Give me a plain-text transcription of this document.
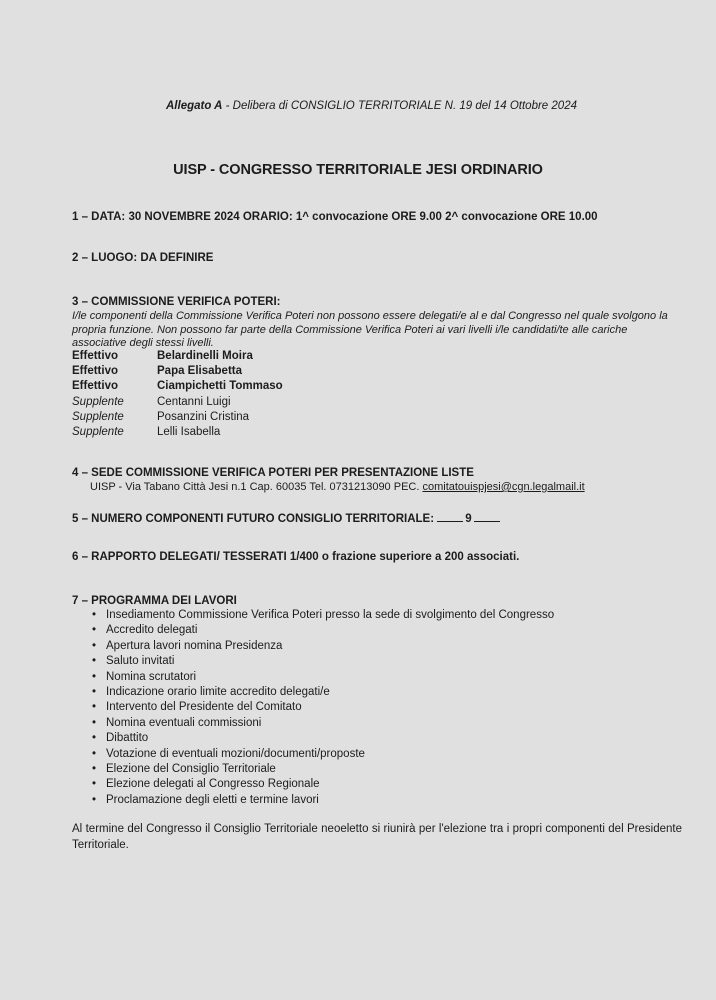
Allegato A - Delibera di CONSIGLIO TERRITORIALE N. 19 del 14 Ottobre 2024
UISP - CONGRESSO TERRITORIALE JESI ORDINARIO
1 – DATA: 30 NOVEMBRE 2024 ORARIO: 1^ convocazione ORE 9.00 2^ convocazione ORE 10.00
2 – LUOGO: DA DEFINIRE
3 – COMMISSIONE VERIFICA POTERI:
I/le componenti della Commissione Verifica Poteri non possono essere delegati/e al e dal Congresso nel quale svolgono la propria funzione. Non possono far parte della Commissione Verifica Poteri ai vari livelli i/le candidati/te alle cariche associative degli stessi livelli.
Effettivo	Belardinelli Moira
Effettivo	Papa Elisabetta
Effettivo	Ciampichetti Tommaso
Supplente	Centanni Luigi
Supplente	Posanzini Cristina
Supplente	Lelli Isabella
4 – SEDE COMMISSIONE VERIFICA POTERI PER PRESENTAZIONE LISTE
UISP - Via Tabano Città Jesi n.1 Cap. 60035 Tel. 0731213090 PEC. comitatouispjesi@cgn.legalmail.it
5 – NUMERO COMPONENTI FUTURO CONSIGLIO TERRITORIALE: 9
6 – RAPPORTO DELEGATI/ TESSERATI 1/400 o frazione superiore a 200 associati.
7 – PROGRAMMA DEI LAVORI
• Insediamento Commissione Verifica Poteri presso la sede di svolgimento del Congresso
• Accredito delegati
• Apertura lavori nomina Presidenza
• Saluto invitati
• Nomina scrutatori
• Indicazione orario limite accredito delegati/e
• Intervento del Presidente del Comitato
• Nomina eventuali commissioni
• Dibattito
• Votazione di eventuali mozioni/documenti/proposte
• Elezione del Consiglio Territoriale
• Elezione delegati al Congresso Regionale
• Proclamazione degli eletti e termine lavori
Al termine del Congresso il Consiglio Territoriale neoeletto si riunirà per l'elezione tra i propri componenti del Presidente Territoriale.
